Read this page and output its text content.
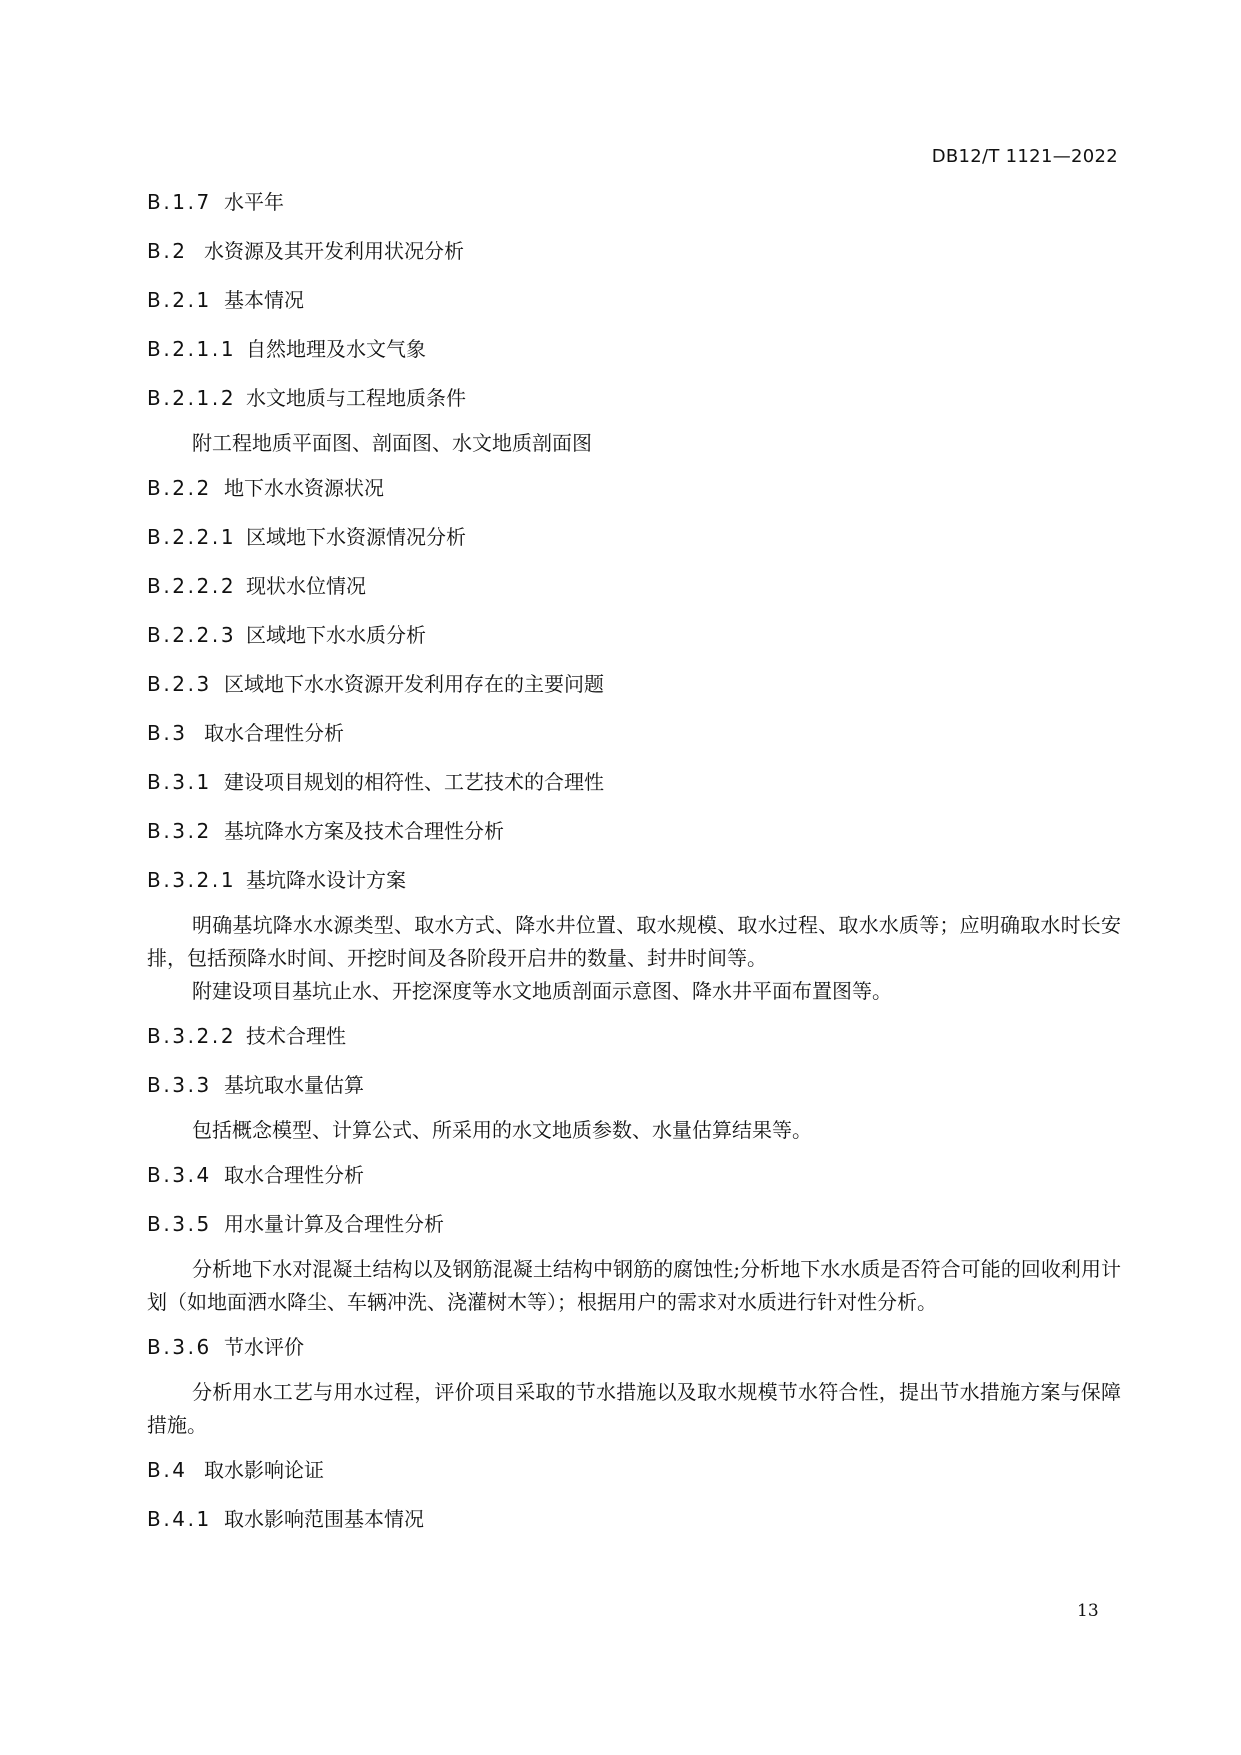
DB12/T 1121—2022
B.1.7 水平年
B.2 水资源及其开发利用状况分析
B.2.1 基本情况
B.2.1.1 自然地理及水文气象
B.2.1.2 水文地质与工程地质条件

附工程地质平面图、剖面图、水文地质剖面图

B.2.2 地下水水资源状况
B.2.2.1 区域地下水资源情况分析
B.2.2.2 现状水位情况
B.2.2.3 区域地下水水质分析
B.2.3 区域地下水水资源开发利用存在的主要问题
B.3 取水合理性分析
B.3.1 建设项目规划的相符性、工艺技术的合理性
B.3.2 基坑降水方案及技术合理性分析
B.3.2.1 基坑降水设计方案

明确基坑降水水源类型、取水方式、降水井位置、取水规模、取水过程、取水水质等；应明确取水时长安排，包括预降水时间、开挖时间及各阶段开启井的数量、封井时间等。

附建设项目基坑止水、开挖深度等水文地质剖面示意图、降水井平面布置图等。

B.3.2.2 技术合理性
B.3.3 基坑取水量估算

包括概念模型、计算公式、所采用的水文地质参数、水量估算结果等。

B.3.4 取水合理性分析
B.3.5 用水量计算及合理性分析

分析地下水对混凝土结构以及钢筋混凝土结构中钢筋的腐蚀性;分析地下水水质是否符合可能的回收利用计划（如地面洒水降尘、车辆冲洗、浇灌树木等）；根据用户的需求对水质进行针对性分析。

B.3.6 节水评价

分析用水工艺与用水过程，评价项目采取的节水措施以及取水规模节水符合性，提出节水措施方案与保障措施。

B.4 取水影响论证
B.4.1 取水影响范围基本情况
13
